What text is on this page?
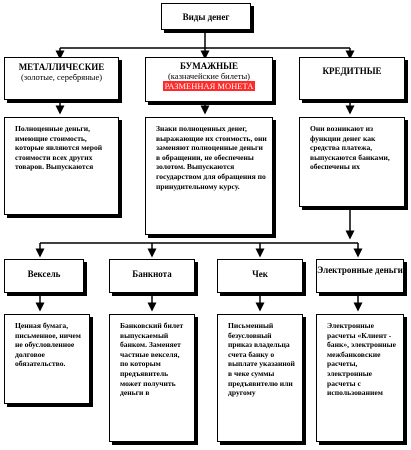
Виды денег
МЕТАЛЛИЧЕСКИЕ
(золотые, серебряные)
БУМАЖНЫЕ
(казначейские билеты)
РАЗМЕННАЯ МОНЕТА
КРЕДИТНЫЕ
Полноценные деньги, имеющие стоимость, которые являются мерой стоимости всех других товаров. Выпускаются
Знаки полноценных денег, выражающие их стоимость, они заменяют полноценные деньги в обращении, не обеспечены золотом. Выпускаются государством для обращения по принудительному курсу.
Они возникают из функции денег как средства платежа, выпускаются банками, обеспечены их
Вексель	Банкнота	Чек	Электронные деньги
Ценная бумага, письменное, ничем не обусловленное долговое обязательство.
Банковский билет выпускаемый банком. Заменяет частные векселя, по которым предъявитель может получить деньги в
Письменный безусловный приказ владельца счета банку о выплате указанной в чеке суммы предъявителю или другому
Электронные расчеты «Клиент - банк», электронные межбанковские расчеты, электронные расчеты с использованием
